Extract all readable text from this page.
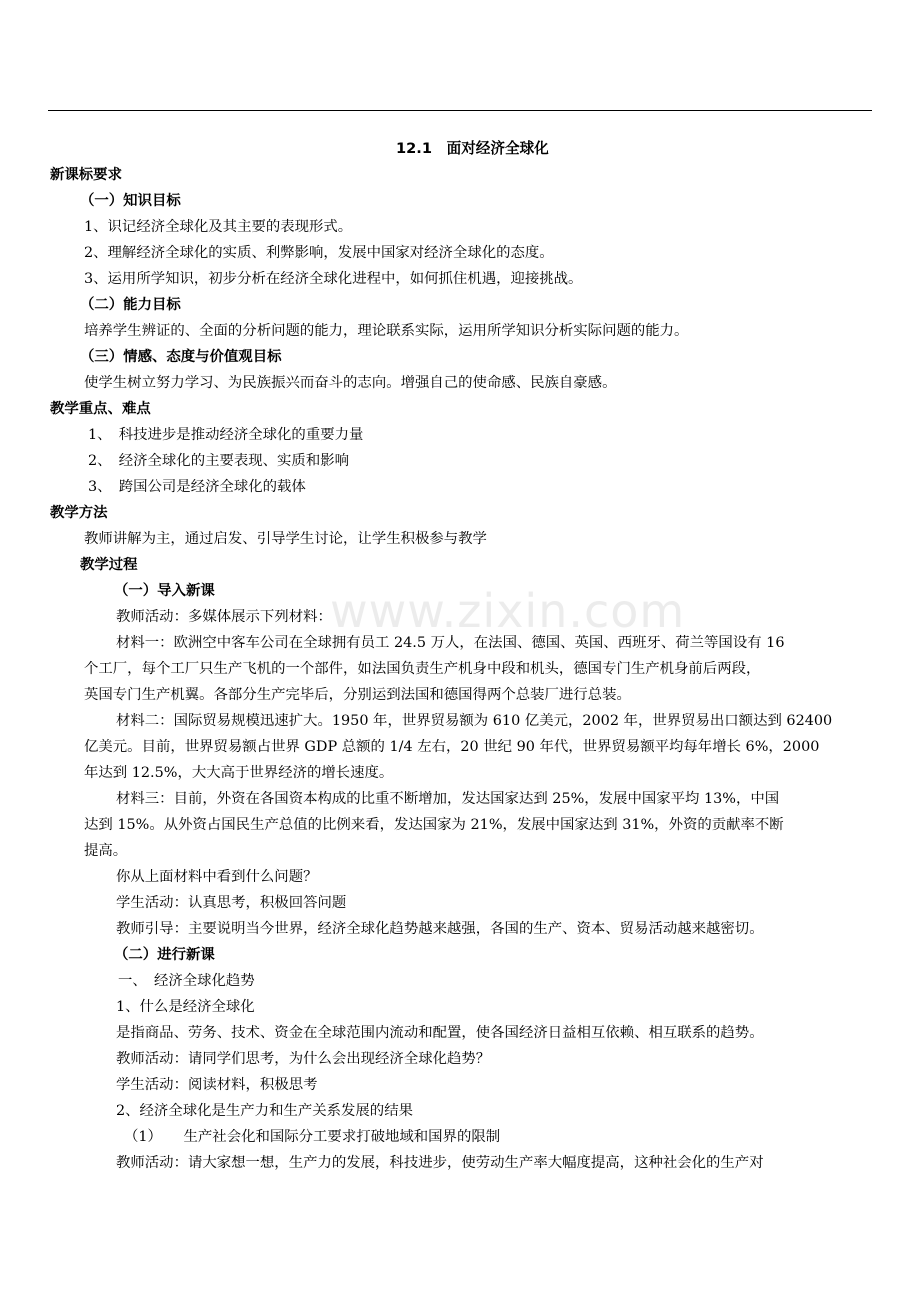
www.zixin.com
12.1　面对经济全球化
新课标要求
（一）知识目标
1、识记经济全球化及其主要的表现形式。
2、理解经济全球化的实质、利弊影响，发展中国家对经济全球化的态度。
3、运用所学知识，初步分析在经济全球化进程中，如何抓住机遇，迎接挑战。
（二）能力目标
培养学生辨证的、全面的分析问题的能力，理论联系实际，运用所学知识分析实际问题的能力。
（三）情感、态度与价值观目标
使学生树立努力学习、为民族振兴而奋斗的志向。增强自己的使命感、民族自豪感。
教学重点、难点
1、　科技进步是推动经济全球化的重要力量
2、　经济全球化的主要表现、实质和影响
3、　跨国公司是经济全球化的载体
教学方法
教师讲解为主，通过启发、引导学生讨论，让学生积极参与教学
教学过程
（一）导入新课
教师活动：多媒体展示下列材料：
材料一：欧洲空中客车公司在全球拥有员工 24.5 万人，在法国、德国、英国、西班牙、荷兰等国设有 16
个工厂，每个工厂只生产飞机的一个部件，如法国负责生产机身中段和机头，德国专门生产机身前后两段，
英国专门生产机翼。各部分生产完毕后，分别运到法国和德国得两个总装厂进行总装。
材料二：国际贸易规模迅速扩大。1950 年，世界贸易额为 610 亿美元，2002 年，世界贸易出口额达到 62400
亿美元。目前，世界贸易额占世界 GDP 总额的 1/4 左右，20 世纪 90 年代，世界贸易额平均每年增长 6%，2000
年达到 12.5%，大大高于世界经济的增长速度。
材料三：目前，外资在各国资本构成的比重不断增加，发达国家达到 25%，发展中国家平均 13%，中国
达到 15%。从外资占国民生产总值的比例来看，发达国家为 21%，发展中国家达到 31%，外资的贡献率不断
提高。
你从上面材料中看到什么问题？
学生活动：认真思考，积极回答问题
教师引导：主要说明当今世界，经济全球化趋势越来越强，各国的生产、资本、贸易活动越来越密切。
（二）进行新课
一、　经济全球化趋势
1、什么是经济全球化
是指商品、劳务、技术、资金在全球范围内流动和配置，使各国经济日益相互依赖、相互联系的趋势。
教师活动：请同学们思考，为什么会出现经济全球化趋势？
学生活动：阅读材料，积极思考
2、经济全球化是生产力和生产关系发展的结果
（1）　　生产社会化和国际分工要求打破地域和国界的限制
教师活动：请大家想一想，生产力的发展，科技进步，使劳动生产率大幅度提高，这种社会化的生产对
